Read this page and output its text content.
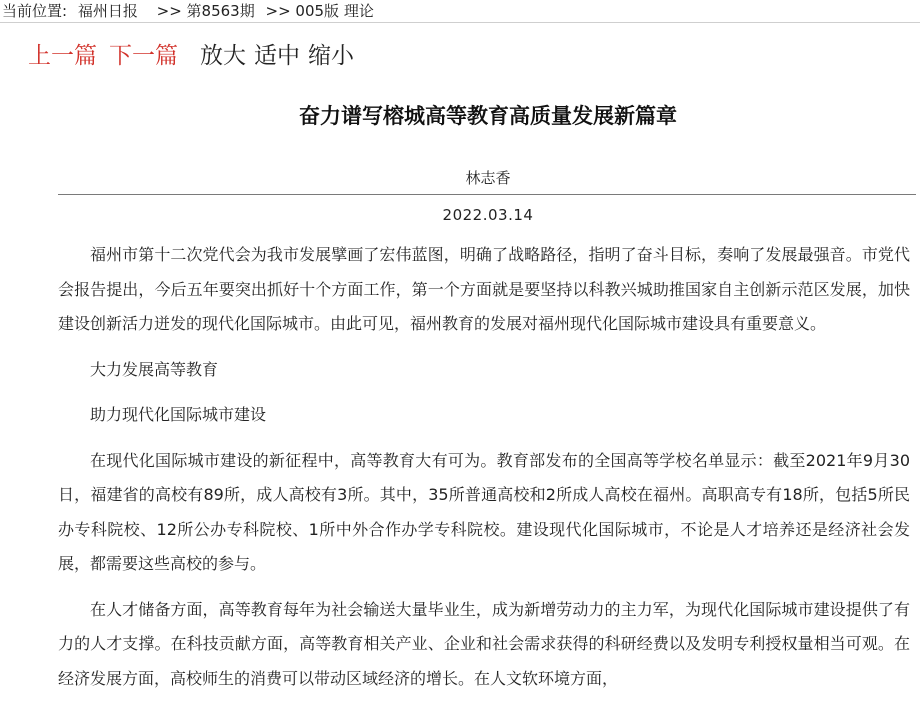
当前位置: 福州日报 >> 第8563期 >> 005版 理论
上一篇 下一篇 放大 适中 缩小
奋力谱写榕城高等教育高质量发展新篇章
林志香
2022.03.14

福州市第十二次党代会为我市发展擘画了宏伟蓝图，明确了战略路径，指明了奋斗目标，奏响了发展最强音。市党代会报告提出，今后五年要突出抓好十个方面工作，第一个方面就是要坚持以科教兴城助推国家自主创新示范区发展，加快建设创新活力迸发的现代化国际城市。由此可见，福州教育的发展对福州现代化国际城市建设具有重要意义。

大力发展高等教育

助力现代化国际城市建设

在现代化国际城市建设的新征程中，高等教育大有可为。教育部发布的全国高等学校名单显示：截至2021年9月30日，福建省的高校有89所，成人高校有3所。其中，35所普通高校和2所成人高校在福州。高职高专有18所，包括5所民办专科院校、12所公办专科院校、1所中外合作办学专科院校。建设现代化国际城市，不论是人才培养还是经济社会发展，都需要这些高校的参与。

在人才储备方面，高等教育每年为社会输送大量毕业生，成为新增劳动力的主力军，为现代化国际城市建设提供了有力的人才支撑。在科技贡献方面，高等教育相关产业、企业和社会需求获得的科研经费以及发明专利授权量相当可观。在经济发展方面，高校师生的消费可以带动区域经济的增长。在人文软环境方面，
